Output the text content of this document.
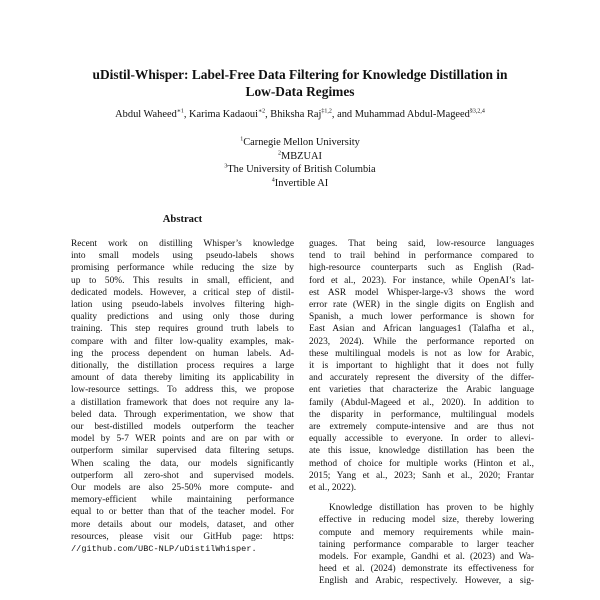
uDistil-Whisper: Label-Free Data Filtering for Knowledge Distillation in
Low-Data Regimes
Abdul Waheed$^{∗1}$, Karima Kadaoui$^{∗2}$, Bhiksha Raj$^{\ddagger 1,2}$, and Muhammad Abdul-Mageed$^{\S 3,2,4}$
$^1$Carnegie Mellon University
$^2$MBZUAI
$^3$The University of British Columbia
$^4$Invertible AI
Abstract
Recent work on distilling Whisper’s knowledge
into small models using pseudo-labels shows
promising performance while reducing the size by
up to 50%. This results in small, efficient, and
dedicated models. However, a critical step of distil-
lation using pseudo-labels involves filtering high-
quality predictions and using only those during
training. This step requires ground truth labels to
compare with and filter low-quality examples, mak-
ing the process dependent on human labels. Ad-
ditionally, the distillation process requires a large
amount of data thereby limiting its applicability in
low-resource settings. To address this, we propose
a distillation framework that does not require any la-
beled data. Through experimentation, we show that
our best-distilled models outperform the teacher
model by 5-7 WER points and are on par with or
outperform similar supervised data filtering setups.
When scaling the data, our models significantly
outperform all zero-shot and supervised models.
Our models are also 25-50% more compute- and
memory-efficient while maintaining performance
equal to or better than that of the teacher model. For
more details about our models, dataset, and other
resources, please visit our GitHub page: https:
//github.com/UBC-NLP/uDistilWhisper.

guages. That being said, low-resource languages
tend to trail behind in performance compared to
high-resource counterparts such as English (Rad-
ford et al., 2023). For instance, while OpenAI’s lat-
est ASR model Whisper-large-v3 shows the word
error rate (WER) in the single digits on English and
Spanish, a much lower performance is shown for
East Asian and African languages1 (Talafha et al.,
2023, 2024). While the performance reported on
these multilingual models is not as low for Arabic,
it is important to highlight that it does not fully
and accurately represent the diversity of the differ-
ent varieties that characterize the Arabic language
family (Abdul-Mageed et al., 2020). In addition to
the disparity in performance, multilingual models
are extremely compute-intensive and are thus not
equally accessible to everyone. In order to allevi-
ate this issue, knowledge distillation has been the
method of choice for multiple works (Hinton et al.,
2015; Yang et al., 2023; Sanh et al., 2020; Frantar
et al., 2022).

Knowledge distillation has proven to be highly
effective in reducing model size, thereby lowering
compute and memory requirements while main-
taining performance comparable to larger teacher
models. For example, Gandhi et al. (2023) and Wa-
heed et al. (2024) demonstrate its effectiveness for
English and Arabic, respectively. However, a sig-
